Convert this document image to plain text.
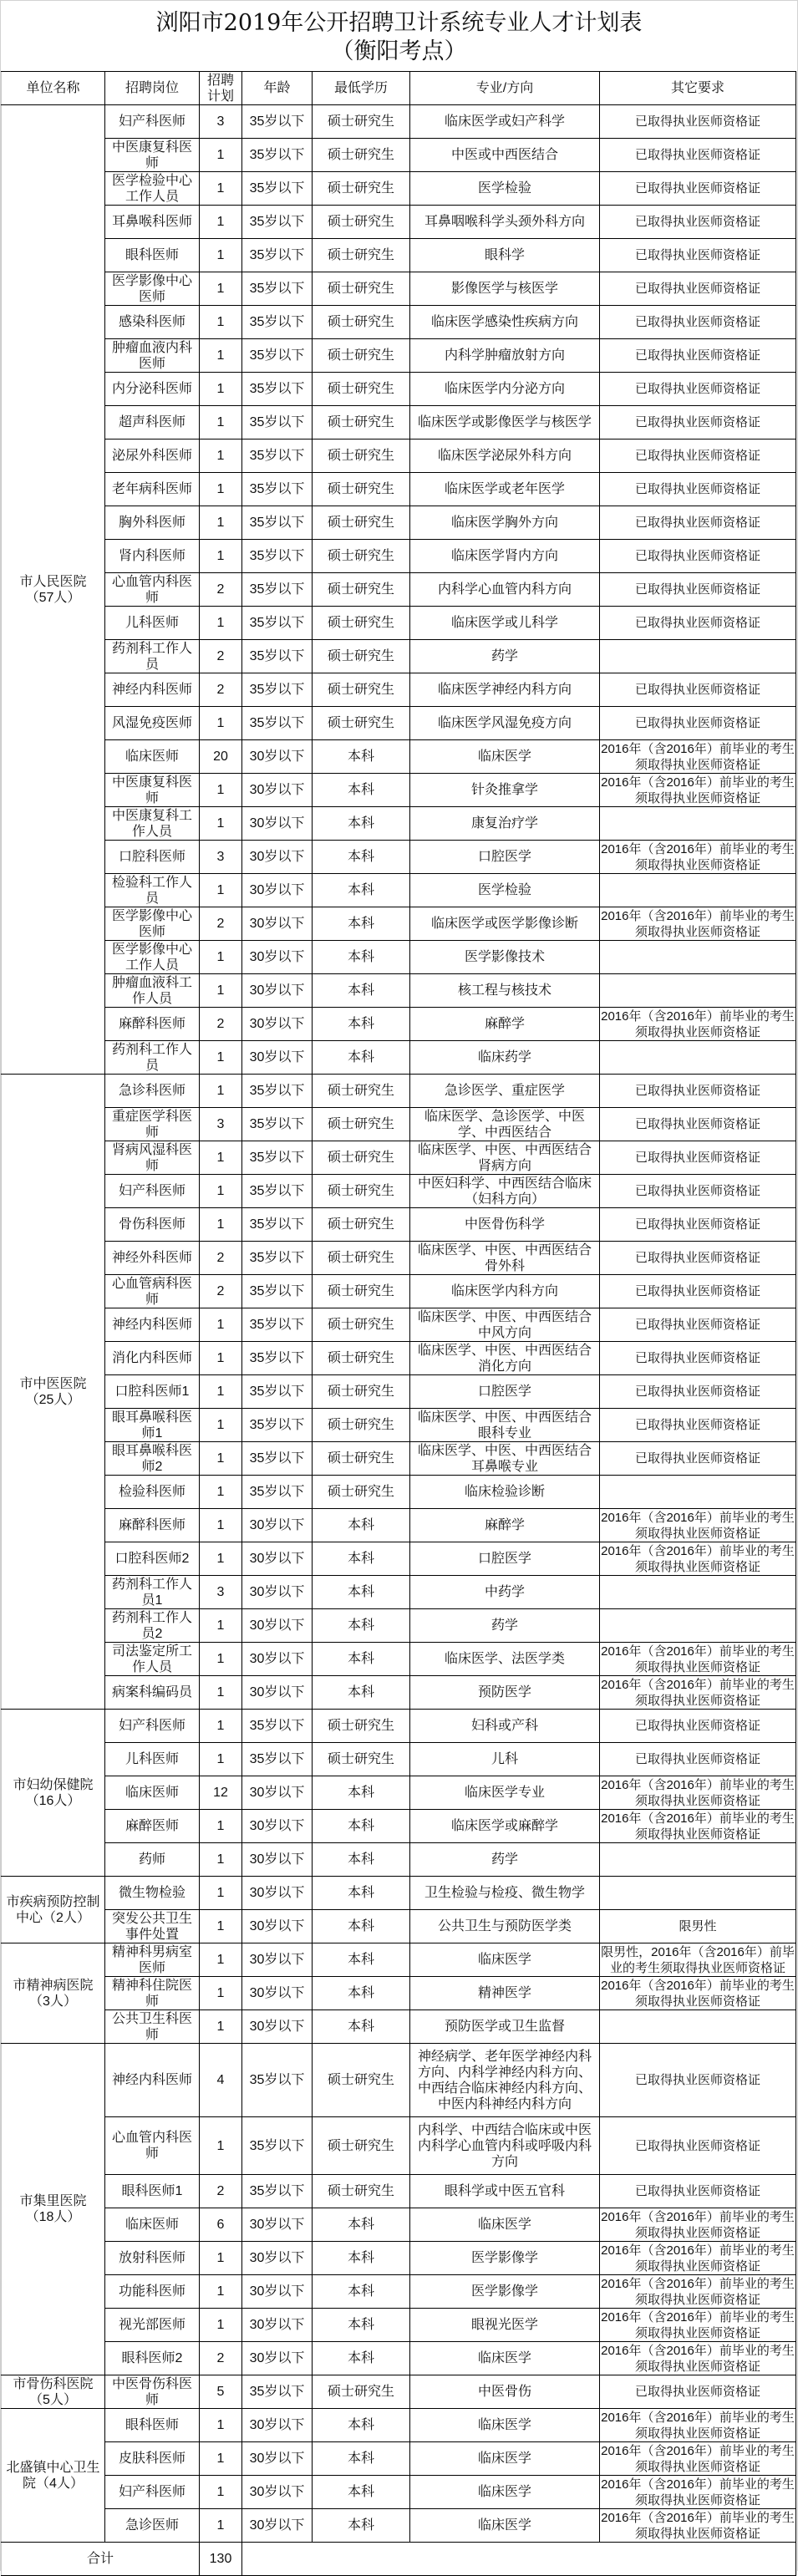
浏阳市2019年公开招聘卫计系统专业人才计划表
（衡阳考点）
单位名称	招聘岗位	招聘计划	年龄	最低学历	专业/方向	其它要求
市人民医院（57人）	妇产科医师	3	35岁以下	硕士研究生	临床医学或妇产科学	已取得执业医师资格证
	中医康复科医师	1	35岁以下	硕士研究生	中医或中西医结合	已取得执业医师资格证
	医学检验中心工作人员	1	35岁以下	硕士研究生	医学检验	已取得执业医师资格证
	耳鼻喉科医师	1	35岁以下	硕士研究生	耳鼻咽喉科学头颈外科方向	已取得执业医师资格证
	眼科医师	1	35岁以下	硕士研究生	眼科学	已取得执业医师资格证
	医学影像中心医师	1	35岁以下	硕士研究生	影像医学与核医学	已取得执业医师资格证
	感染科医师	1	35岁以下	硕士研究生	临床医学感染性疾病方向	已取得执业医师资格证
	肿瘤血液内科医师	1	35岁以下	硕士研究生	内科学肿瘤放射方向	已取得执业医师资格证
	内分泌科医师	1	35岁以下	硕士研究生	临床医学内分泌方向	已取得执业医师资格证
	超声科医师	1	35岁以下	硕士研究生	临床医学或影像医学与核医学	已取得执业医师资格证
	泌尿外科医师	1	35岁以下	硕士研究生	临床医学泌尿外科方向	已取得执业医师资格证
	老年病科医师	1	35岁以下	硕士研究生	临床医学或老年医学	已取得执业医师资格证
	胸外科医师	1	35岁以下	硕士研究生	临床医学胸外方向	已取得执业医师资格证
	肾内科医师	1	35岁以下	硕士研究生	临床医学肾内方向	已取得执业医师资格证
	心血管内科医师	2	35岁以下	硕士研究生	内科学心血管内科方向	已取得执业医师资格证
	儿科医师	1	35岁以下	硕士研究生	临床医学或儿科学	已取得执业医师资格证
	药剂科工作人员	2	35岁以下	硕士研究生	药学	
	神经内科医师	2	35岁以下	硕士研究生	临床医学神经内科方向	已取得执业医师资格证
	风湿免疫医师	1	35岁以下	硕士研究生	临床医学风湿免疫方向	已取得执业医师资格证
	临床医师	20	30岁以下	本科	临床医学	2016年（含2016年）前毕业的考生须取得执业医师资格证
	中医康复科医师	1	30岁以下	本科	针灸推拿学	2016年（含2016年）前毕业的考生须取得执业医师资格证
	中医康复科工作人员	1	30岁以下	本科	康复治疗学	
	口腔科医师	3	30岁以下	本科	口腔医学	2016年（含2016年）前毕业的考生须取得执业医师资格证
	检验科工作人员	1	30岁以下	本科	医学检验	
	医学影像中心医师	2	30岁以下	本科	临床医学或医学影像诊断	2016年（含2016年）前毕业的考生须取得执业医师资格证
	医学影像中心工作人员	1	30岁以下	本科	医学影像技术	
	肿瘤血液科工作人员	1	30岁以下	本科	核工程与核技术	
	麻醉科医师	2	30岁以下	本科	麻醉学	2016年（含2016年）前毕业的考生须取得执业医师资格证
	药剂科工作人员	1	30岁以下	本科	临床药学	
市中医医院（25人）	急诊科医师	1	35岁以下	硕士研究生	急诊医学、重症医学	已取得执业医师资格证
	重症医学科医师	3	35岁以下	硕士研究生	临床医学、急诊医学、中医学、中西医结合	已取得执业医师资格证
	肾病风湿科医师	1	35岁以下	硕士研究生	临床医学、中医、中西医结合肾病方向	已取得执业医师资格证
	妇产科医师	1	35岁以下	硕士研究生	中医妇科学、中西医结合临床（妇科方向）	已取得执业医师资格证
	骨伤科医师	1	35岁以下	硕士研究生	中医骨伤科学	已取得执业医师资格证
	神经外科医师	2	35岁以下	硕士研究生	临床医学、中医、中西医结合骨外科	已取得执业医师资格证
	心血管病科医师	2	35岁以下	硕士研究生	临床医学内科方向	已取得执业医师资格证
	神经内科医师	1	35岁以下	硕士研究生	临床医学、中医、中西医结合中风方向	已取得执业医师资格证
	消化内科医师	1	35岁以下	硕士研究生	临床医学、中医、中西医结合消化方向	已取得执业医师资格证
	口腔科医师1	1	35岁以下	硕士研究生	口腔医学	已取得执业医师资格证
	眼耳鼻喉科医师1	1	35岁以下	硕士研究生	临床医学、中医、中西医结合眼科专业	已取得执业医师资格证
	眼耳鼻喉科医师2	1	35岁以下	硕士研究生	临床医学、中医、中西医结合耳鼻喉专业	已取得执业医师资格证
	检验科医师	1	35岁以下	硕士研究生	临床检验诊断	
	麻醉科医师	1	30岁以下	本科	麻醉学	2016年（含2016年）前毕业的考生须取得执业医师资格证
	口腔科医师2	1	30岁以下	本科	口腔医学	2016年（含2016年）前毕业的考生须取得执业医师资格证
	药剂科工作人员1	3	30岁以下	本科	中药学	
	药剂科工作人员2	1	30岁以下	本科	药学	
	司法鉴定所工作人员	1	30岁以下	本科	临床医学、法医学类	2016年（含2016年）前毕业的考生须取得执业医师资格证
	病案科编码员	1	30岁以下	本科	预防医学	2016年（含2016年）前毕业的考生须取得执业医师资格证
市妇幼保健院（16人）	妇产科医师	1	35岁以下	硕士研究生	妇科或产科	已取得执业医师资格证
	儿科医师	1	35岁以下	硕士研究生	儿科	已取得执业医师资格证
	临床医师	12	30岁以下	本科	临床医学专业	2016年（含2016年）前毕业的考生须取得执业医师资格证
	麻醉医师	1	30岁以下	本科	临床医学或麻醉学	2016年（含2016年）前毕业的考生须取得执业医师资格证
	药师	1	30岁以下	本科	药学	
市疾病预防控制中心（2人）	微生物检验	1	30岁以下	本科	卫生检验与检疫、微生物学	
	突发公共卫生事件处置	1	30岁以下	本科	公共卫生与预防医学类	限男性
市精神病医院（3人）	精神科男病室医师	1	30岁以下	本科	临床医学	限男性，2016年（含2016年）前毕业的考生须取得执业医师资格证
	精神科住院医师	1	30岁以下	本科	精神医学	2016年（含2016年）前毕业的考生须取得执业医师资格证
	公共卫生科医师	1	30岁以下	本科	预防医学或卫生监督	
市集里医院（18人）	神经内科医师	4	35岁以下	硕士研究生	神经病学、老年医学神经内科方向、内科学神经内科方向、中西结合临床神经内科方向、中医内科神经内科方向	已取得执业医师资格证
	心血管内科医师	1	35岁以下	硕士研究生	内科学、中西结合临床或中医内科学心血管内科或呼吸内科方向	已取得执业医师资格证
	眼科医师1	2	35岁以下	硕士研究生	眼科学或中医五官科	已取得执业医师资格证
	临床医师	6	30岁以下	本科	临床医学	2016年（含2016年）前毕业的考生须取得执业医师资格证
	放射科医师	1	30岁以下	本科	医学影像学	2016年（含2016年）前毕业的考生须取得执业医师资格证
	功能科医师	1	30岁以下	本科	医学影像学	2016年（含2016年）前毕业的考生须取得执业医师资格证
	视光部医师	1	30岁以下	本科	眼视光医学	2016年（含2016年）前毕业的考生须取得执业医师资格证
	眼科医师2	2	30岁以下	本科	临床医学	2016年（含2016年）前毕业的考生须取得执业医师资格证
市骨伤科医院（5人）	中医骨伤科医师	5	35岁以下	硕士研究生	中医骨伤	已取得执业医师资格证
北盛镇中心卫生院（4人）	眼科医师	1	30岁以下	本科	临床医学	2016年（含2016年）前毕业的考生须取得执业医师资格证
	皮肤科医师	1	30岁以下	本科	临床医学	2016年（含2016年）前毕业的考生须取得执业医师资格证
	妇产科医师	1	30岁以下	本科	临床医学	2016年（含2016年）前毕业的考生须取得执业医师资格证
	急诊医师	1	30岁以下	本科	临床医学	2016年（含2016年）前毕业的考生须取得执业医师资格证
合计		130				
